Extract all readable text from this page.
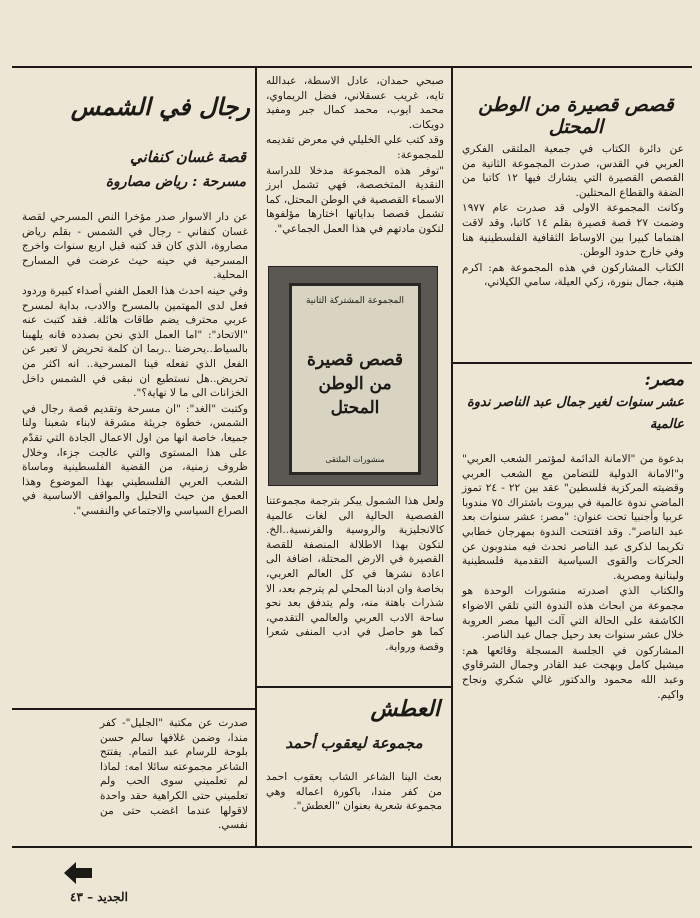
قصص قصيرة من الوطن المحتل

عن دائرة الكتاب في جمعية الملتقى الفكري العربي في القدس، صدرت المجموعة الثانية من القصص القصيرة التي يشارك فيها ١٢ كاتبا من الضفة والقطاع المحتلين.

وكانت المجموعة الاولى قد صدرت عام ١٩٧٧ وضمت ٢٧ قصة قصيرة بقلم ١٤ كاتبا، وقد لاقت اهتماما كبيرا بين الاوساط الثقافية الفلسطينية هنا وفي خارج حدود الوطن.

الكتاب المشاركون في هذه المجموعة هم: اكرم هنية، جمال بنورة، زكي العيلة، سامي الكيلاني،

مصر:
عشر سنوات لغير جمال عبد الناصر ندوة عالمية

بدعوة من "الامانة الدائمة لمؤتمر الشعب العربي" و"الامانة الدولية للتضامن مع الشعب العربي وقضيته المركزية فلسطين" عقد بين ٢٢ - ٢٤ تموز الماضي ندوة عالمية في بيروت باشتراك ٧٥ مندوبا عربيا وأجنبيا تحت عنوان: "مصر: عشر سنوات بعد عبد الناصر". وقد افتتحت الندوة بمهرجان خطابي تكريما لذكرى عبد الناصر تحدث فيه مندوبون عن الحركات والقوى السياسية التقدمية فلسطينية ولبنانية ومصرية.

والكتاب الذي اصدرته منشورات الوحدة هو مجموعة من ابحاث هذه الندوة التي تلقي الاضواء الكاشفة على الحالة التي آلت اليها مصر العروبة خلال عشر سنوات بعد رحيل جمال عبد الناصر.

المشاركون في الجلسة المسجلة وقائعها هم: ميشيل كامل وبهجت عبد القادر وجمال الشرقاوي وعبد الله محمود والدكتور غالي شكري ونجاح واكيم.

صبحي حمدان، عادل الاسطة، عبدالله تايه، غريب عسقلاني، فضل الريماوي، محمد ايوب، محمد كمال جبر ومفيد دويكات.

وقد كتب علي الخليلي في معرض تقديمه للمجموعة:

"توفر هذه المجموعة مدخلا للدراسة النقدية المتخصصة، فهي تشمل ابرز الاسماء القصصية في الوطن المحتل، كما تشمل قصصا بداياتها اختارها مؤلفوها لتكون مادتهم في هذا العمل الجماعي".

المجموعة المشتركة الثانية
قصص قصيرة
من الوطن المحتل
منشورات الملتقى

ولعل هذا الشمول يبكر بترجمة مجموعتنا القصصية الحالية الى لغات عالمية كالانجليزية والروسية والفرنسية..الخ. لتكون بهذا الاطلالة المنصفة للقصة القصيرة في الارض المحتلة، اضافة الى اعادة نشرها في كل العالم العربي، بخاصة وان ادبنا المحلي لم يترجم بعد، الا شذرات باهتة منه، ولم يتدفق بعد نحو ساحة الادب العربي والعالمي التقدمي، كما هو حاصل في ادب المنفى شعرا وقصة ورواية.

العطش
مجموعة ليعقوب أحمد

بعث الينا الشاعر الشاب يعقوب احمد من كفر مندا، باكورة اعماله وهي مجموعة شعرية بعنوان "العطش".

رجال في الشمس
قصة غسان كنفاني
مسرحة : رياض مصاروة

عن دار الاسوار صدر مؤخرا النص المسرحي لقصة غسان كنفاني - رجال في الشمس - بقلم رياض مصاروة، الذي كان قد كتبه قبل اربع سنوات واخرج المسرحية في حينه حيث عرضت في المسارح المحلية.

وفي حينه احدث هذا العمل الفني أصداء كبيرة وردود فعل لدى المهتمين بالمسرح والادب، بداية لمسرح عربي محترف يضم طاقات هائلة. فقد كتبت عنه "الاتحاد": "اما العمل الذي نحن بصدده فانه يلهبنا بالسياط..يحرضنا ..ربما ان كلمة تحريض لا تعبر عن الفعل الذي تفعله فينا المسرحية.. انه اكثر من تحريض..هل نستطيع ان نبقى في الشمس داخل الخزانات الى ما لا نهاية؟".

وكتبت "الغد": "ان مسرحة وتقديم قصة رجال في الشمس، خطوة جريئة مشرقة لابناء شعبنا ولنا جميعا، خاصة انها من اول الاعمال الجادة التي تقدّم على هذا المستوى والتي عالجت جزءا، وخلال ظروف زمنية، من القضية الفلسطينية وماساة الشعب العربي الفلسطيني بهذا الموضوع وهذا العمق من حيث التحليل والمواقف الاساسية في الصراع السياسي والاجتماعي والنفسي".

صدرت عن مكتبة "الجليل"- كفر مندا، وضمن غلافها سالم حسن بلوحة للرسام عبد التمام. يفتتح الشاعر مجموعته سائلا امه: لماذا لم تعلميني سوى الحب ولم تعلميني حتى الكراهية حقد واحدة لاقولها عندما اغضب حتى من نفسي.

الجديد – ٤٣
